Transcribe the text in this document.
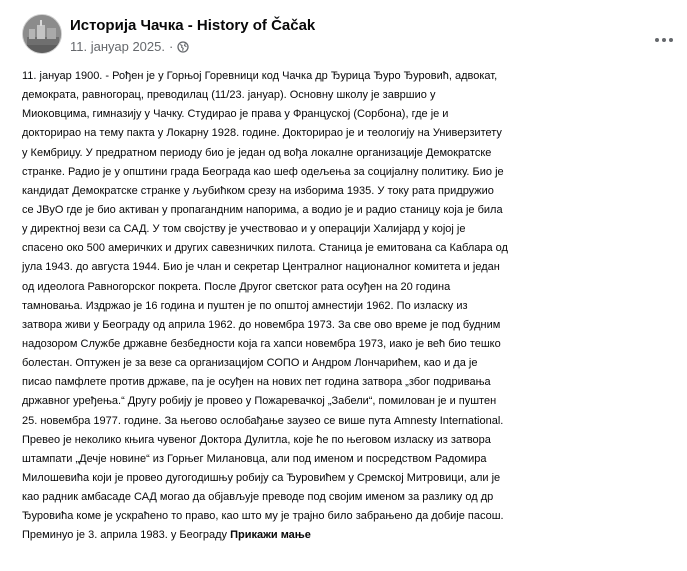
Историја Чачка - History of Čačak
11. јануар 2025. ·
11. јануар 1900. - Рођен је у Горњој Горевници код Чачка др Ђурица Ђуро Ђуровић, адвокат,
демократа, равногорац, преводилац (11/23. јануар). Основну школу је завршио у
Миоковцима, гимназију у Чачку. Студирао је права у Француској (Сорбона), где је и
докторирао на тему пакта у Локарну 1928. године. Докторирао је и теологију на Универзитету
у Кембриџу. У предратном периоду био је један од вођа локалне организације Демократске
странке. Радио је у општини града Београда као шеф одељења за социјалну политику. Био је
кандидат Демократске странке у љубићком срезу на изборима 1935. У току рата придружио
се ЈВуО где је био активан у пропагандним напорима, а водио је и радио станицу која је била
у директној вези са САД. У том својству је учествовао и у операцији Халијард у којој је
спасено око 500 америчких и других савезничких пилота. Станица је емитована са Каблара од
јула 1943. до августа 1944. Био је члан и секретар Централног националног комитета и један
од идеолога Равногорског покрета. После Другог светског рата осуђен на 20 година
тамновања. Издржао је 16 година и пуштен је по општој амнестији 1962. По изласку из
затвора живи у Београду од априла 1962. до новембра 1973. За све ово време је под будним
надозором Службе државне безбедности која га хапси новембра 1973, иако је већ био тешко
болестан. Оптужен је за везе са организацијом СОПО и Андром Лончарићем, као и да је
писао памфлете против државе, па је осуђен на нових пет година затвора „због подривања
државног уређења.“ Другу робију је провео у Пожаревачкој „Забели“, помилован је и пуштен
25. новембра 1977. године. За његово ослобађање заузео се више пута Amnesty International.
Превео је неколико књига чувеног Доктора Дулитла, које ће по његовом изласку из затвора
штампати „Дечје новине“ из Горњег Милановца, али под именом и посредством Радомира
Милошевића који је провео дугогодишњу робију са Ђуровићем у Сремској Митровици, али је
као радник амбасаде САД могао да објављује преводе под својим именом за разлику од др
Ђуровића коме је ускраћено то право, као што му је трајно било забрањено да добије пасош.
Преминуо је 3. априла 1983. у Београду Прикажи мање
